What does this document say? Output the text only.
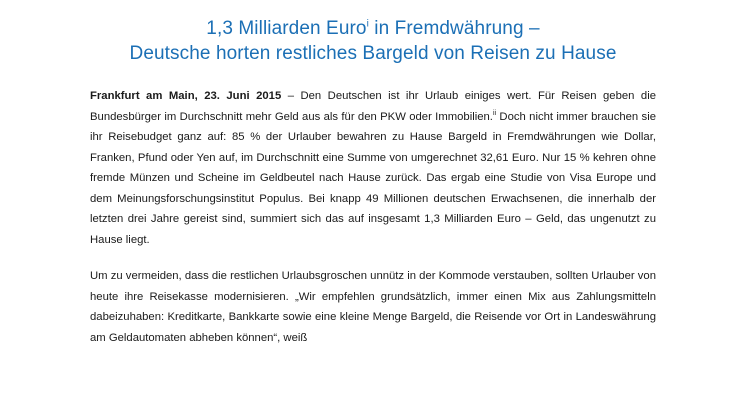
1,3 Milliarden Euro$^i$ in Fremdwährung –
Deutsche horten restliches Bargeld von Reisen zu Hause

Frankfurt am Main, 23. Juni 2015 – Den Deutschen ist ihr Urlaub einiges wert. Für Reisen geben die Bundesbürger im Durchschnitt mehr Geld aus als für den PKW oder Immobilien.$^{ii}$ Doch nicht immer brauchen sie ihr Reisebudget ganz auf: 85 % der Urlauber bewahren zu Hause Bargeld in Fremdwährungen wie Dollar, Franken, Pfund oder Yen auf, im Durchschnitt eine Summe von umgerechnet 32,61 Euro. Nur 15 % kehren ohne fremde Münzen und Scheine im Geldbeutel nach Hause zurück. Das ergab eine Studie von Visa Europe und dem Meinungsforschungsinstitut Populus. Bei knapp 49 Millionen deutschen Erwachsenen, die innerhalb der letzten drei Jahre gereist sind, summiert sich das auf insgesamt 1,3 Milliarden Euro – Geld, das ungenutzt zu Hause liegt.

Um zu vermeiden, dass die restlichen Urlaubsgroschen unnütz in der Kommode verstauben, sollten Urlauber von heute ihre Reisekasse modernisieren. „Wir empfehlen grundsätzlich, immer einen Mix aus Zahlungsmitteln dabeizuhaben: Kreditkarte, Bankkarte sowie eine kleine Menge Bargeld, die Reisende vor Ort in Landeswährung am Geldautomaten abheben können“, weiß
